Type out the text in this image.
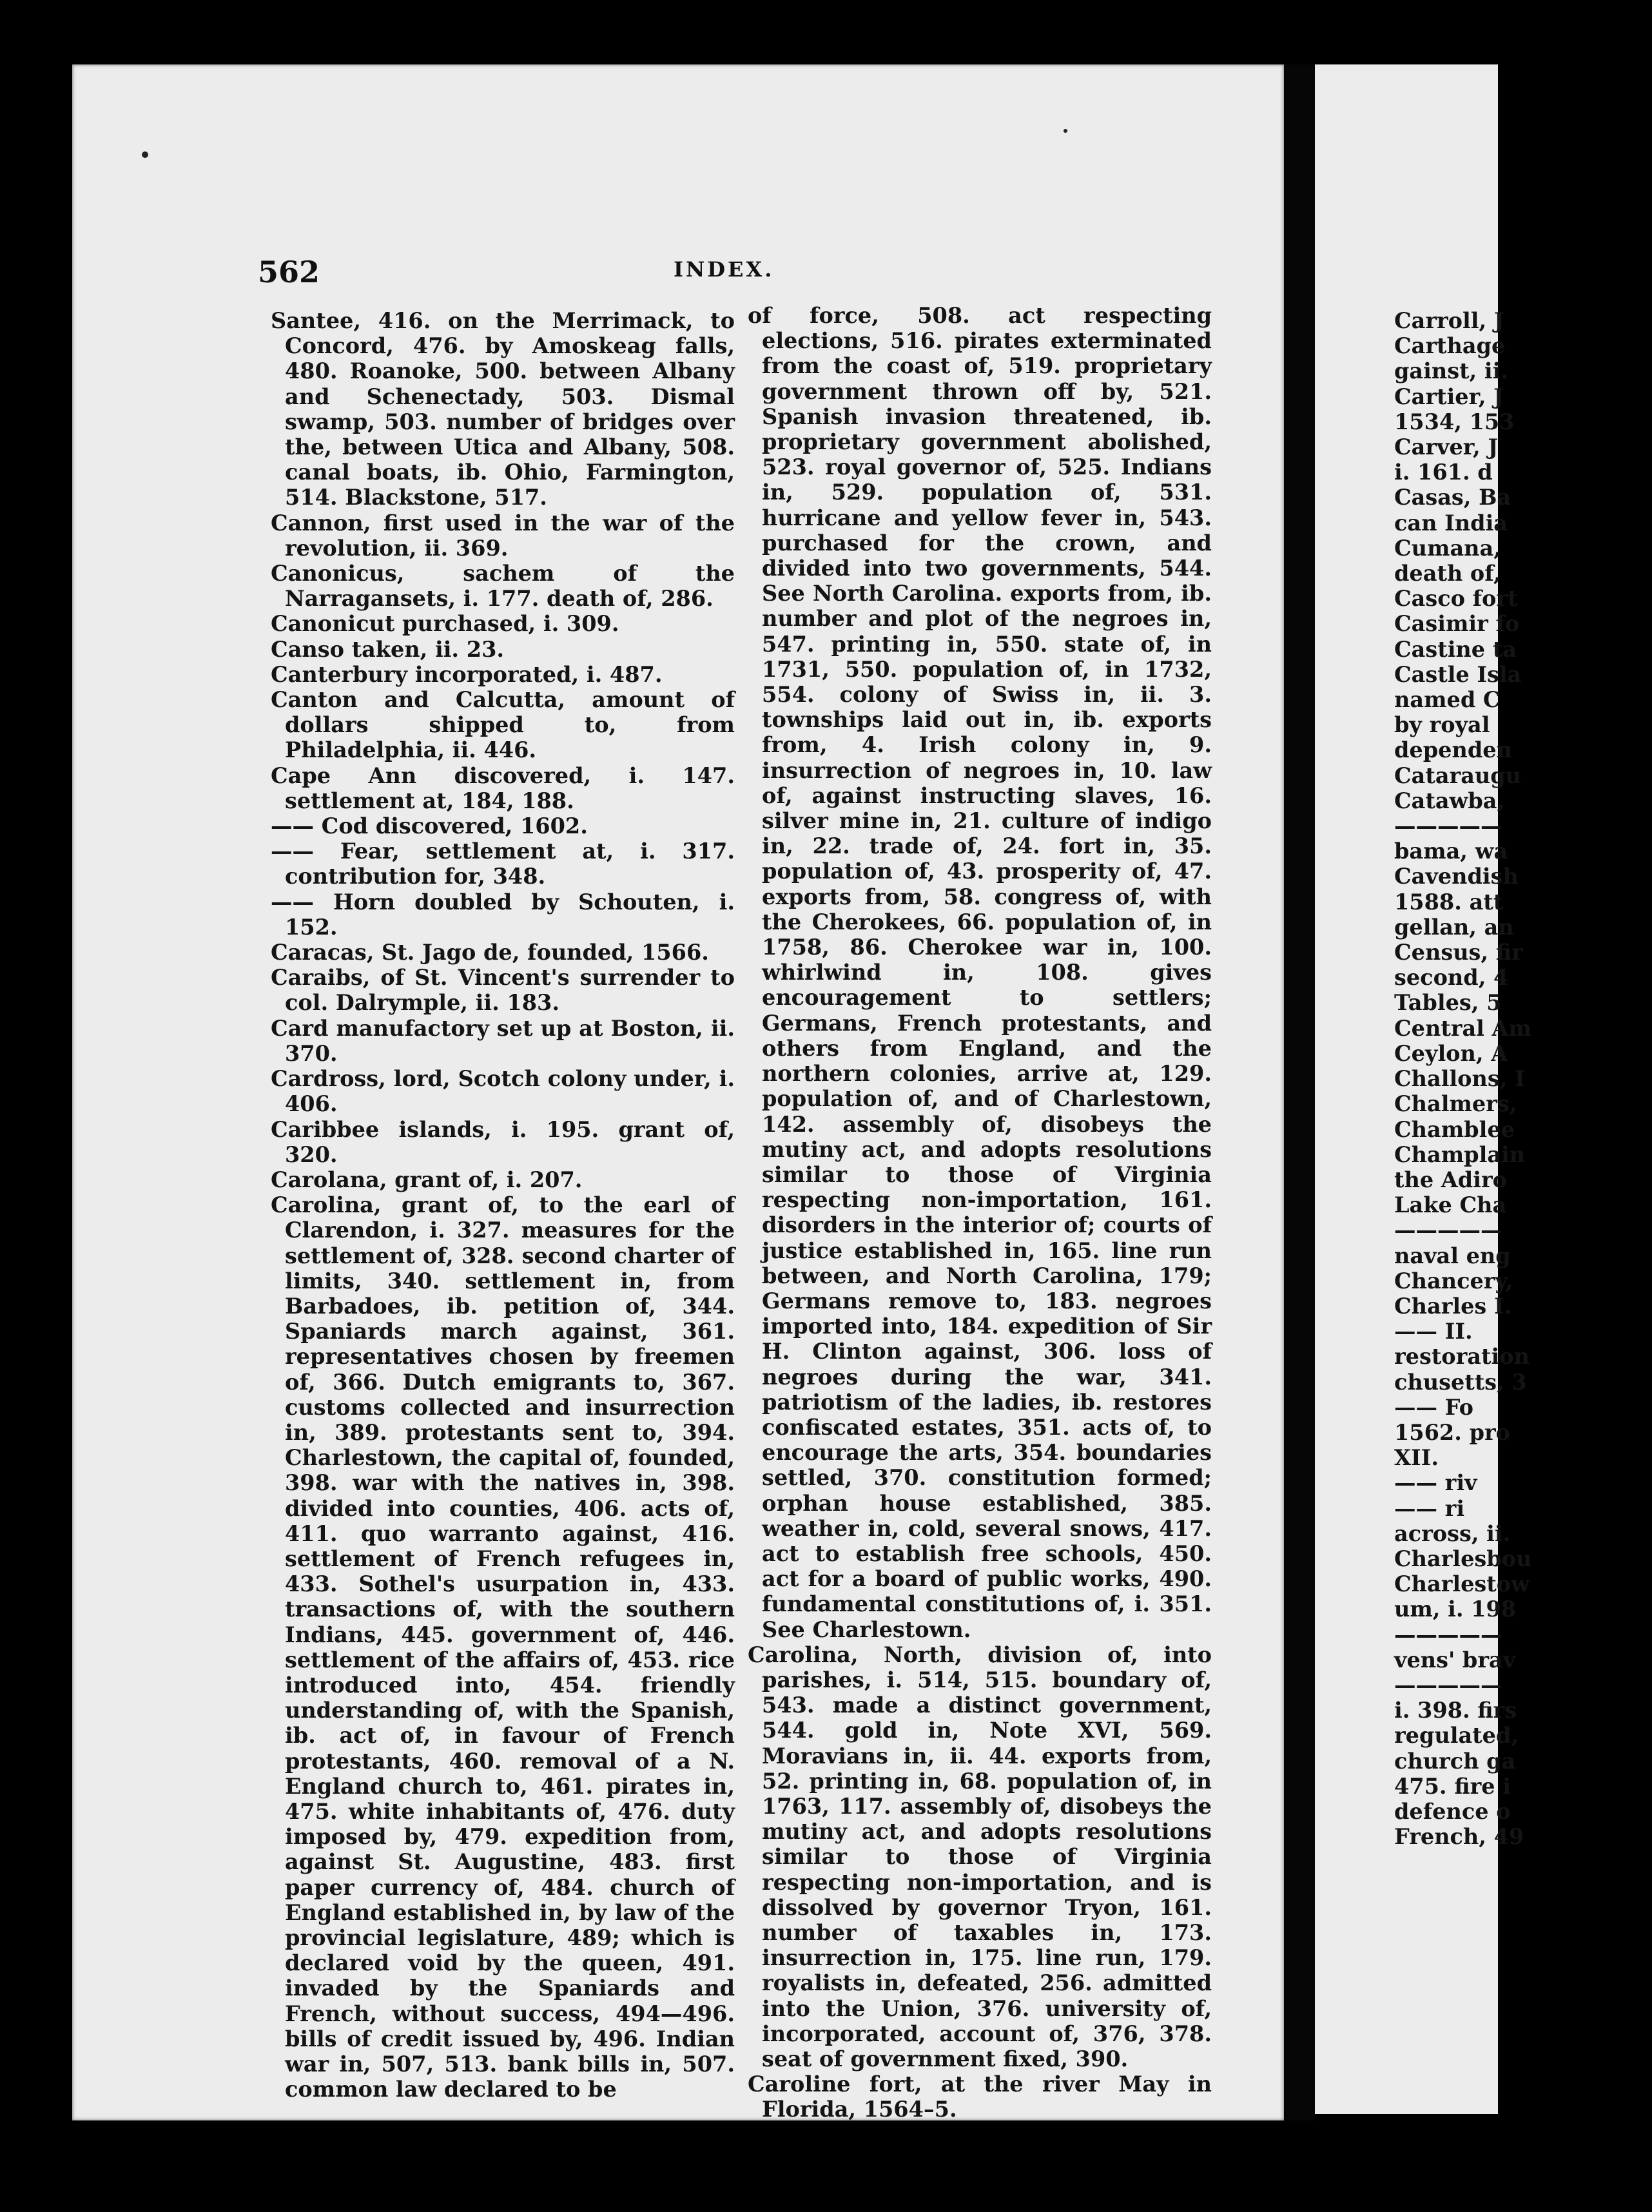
562	INDEX.

Santee, 416. on the Merrimack, to Concord, 476. by Amoskeag falls, 480. Roanoke, 500. between Albany and Schenectady, 503. Dismal swamp, 503. number of bridges over the, between Utica and Albany, 508. canal boats, ib. Ohio, Farmington, 514. Blackstone, 517.

Cannon, first used in the war of the revolution, ii. 369.

Canonicus, sachem of the Narragansets, i. 177. death of, 286.

Canonicut purchased, i. 309.

Canso taken, ii. 23.

Canterbury incorporated, i. 487.

Canton and Calcutta, amount of dollars shipped to, from Philadelphia, ii. 446.

Cape Ann discovered, i. 147. settlement at, 184, 188.

—— Cod discovered, 1602.

—— Fear, settlement at, i. 317. contribution for, 348.

—— Horn doubled by Schouten, i. 152.

Caracas, St. Jago de, founded, 1566.

Caraibs, of St. Vincent's surrender to col. Dalrymple, ii. 183.

Card manufactory set up at Boston, ii. 370.

Cardross, lord, Scotch colony under, i. 406.

Caribbee islands, i. 195. grant of, 320.

Carolana, grant of, i. 207.

Carolina, grant of, to the earl of Clarendon, i. 327. measures for the settlement of, 328. second charter of limits, 340. settlement in, from Barbadoes, ib. petition of, 344. Spaniards march against, 361. representatives chosen by freemen of, 366. Dutch emigrants to, 367. customs collected and insurrection in, 389. protestants sent to, 394. Charlestown, the capital of, founded, 398. war with the natives in, 398. divided into counties, 406. acts of, 411. quo warranto against, 416. settlement of French refugees in, 433. Sothel's usurpation in, 433. transactions of, with the southern Indians, 445. government of, 446. settlement of the affairs of, 453. rice introduced into, 454. friendly understanding of, with the Spanish, ib. act of, in favour of French protestants, 460. removal of a N. England church to, 461. pirates in, 475. white inhabitants of, 476. duty imposed by, 479. expedition from, against St. Augustine, 483. first paper currency of, 484. church of England established in, by law of the provincial legislature, 489; which is declared void by the queen, 491. invaded by the Spaniards and French, without success, 494—496. bills of credit issued by, 496. Indian war in, 507, 513. bank bills in, 507. common law declared to be

of force, 508. act respecting elections, 516. pirates exterminated from the coast of, 519. proprietary government thrown off by, 521. Spanish invasion threatened, ib. proprietary government abolished, 523. royal governor of, 525. Indians in, 529. population of, 531. hurricane and yellow fever in, 543. purchased for the crown, and divided into two governments, 544. See North Carolina. exports from, ib. number and plot of the negroes in, 547. printing in, 550. state of, in 1731, 550. population of, in 1732, 554. colony of Swiss in, ii. 3. townships laid out in, ib. exports from, 4. Irish colony in, 9. insurrection of negroes in, 10. law of, against instructing slaves, 16. silver mine in, 21. culture of indigo in, 22. trade of, 24. fort in, 35. population of, 43. prosperity of, 47. exports from, 58. congress of, with the Cherokees, 66. population of, in 1758, 86. Cherokee war in, 100. whirlwind in, 108. gives encouragement to settlers; Germans, French protestants, and others from England, and the northern colonies, arrive at, 129. population of, and of Charlestown, 142. assembly of, disobeys the mutiny act, and adopts resolutions similar to those of Virginia respecting non-importation, 161. disorders in the interior of; courts of justice established in, 165. line run between, and North Carolina, 179; Germans remove to, 183. negroes imported into, 184. expedition of Sir H. Clinton against, 306. loss of negroes during the war, 341. patriotism of the ladies, ib. restores confiscated estates, 351. acts of, to encourage the arts, 354. boundaries settled, 370. constitution formed; orphan house established, 385. weather in, cold, several snows, 417. act to establish free schools, 450. act for a board of public works, 490. fundamental constitutions of, i. 351. See Charlestown.

Carolina, North, division of, into parishes, i. 514, 515. boundary of, 543. made a distinct government, 544. gold in, Note XVI, 569. Moravians in, ii. 44. exports from, 52. printing in, 68. population of, in 1763, 117. assembly of, disobeys the mutiny act, and adopts resolutions similar to those of Virginia respecting non-importation, and is dissolved by governor Tryon, 161. number of taxables in, 173. insurrection in, 175. line run, 179. royalists in, defeated, 256. admitted into the Union, 376. university of, incorporated, account of, 376, 378. seat of government fixed, 390.

Caroline fort, at the river May in Florida, 1564–5.

Carroll, J

Carthage

gainst, ii.

Cartier, J

1534, 153

Carver, J

i. 161. d

Casas, Ba

can India

Cumana,

death of,

Casco fort

Casimir fo

Castine ta

Castle Isla

named C

by royal

dependen

Cataraugu

Catawba,

—————

bama, wa

Cavendish

1588. att

gellan, an

Census, fir

second, 4

Tables, 5

Central Am

Ceylon, A

Challons, I

Chalmers,

Chamblee

Champlain

the Adiro

Lake Cha

—————

naval eng

Chancery,

Charles I.

—— II.

restoration

chusetts, 3

—— Fo

1562. pro

XII.

—— riv

—— ri

across, ii.

Charlesbou

Charlestow

um, i. 198

—————

vens' brav

—————

i. 398. firs

regulated,

church ga

475. fire i

defence o

French, 49
